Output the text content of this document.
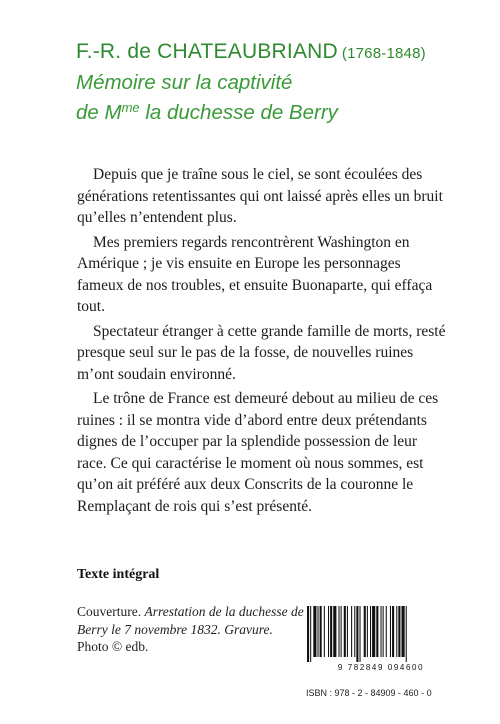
F.-R. de CHATEAUBRIAND (1768-1848)
Mémoire sur la captivité
de $M^{me}$ la duchesse de Berry

Depuis que je traîne sous le ciel, se sont écoulées des générations retentissantes qui ont laissé après elles un bruit qu’elles n’entendent plus.

Mes premiers regards rencontrèrent Washington en Amérique ; je vis ensuite en Europe les personnages fameux de nos troubles, et ensuite Buonaparte, qui effaça tout.

Spectateur étranger à cette grande famille de morts, resté presque seul sur le pas de la fosse, de nouvelles ruines m’ont soudain environné.

Le trône de France est demeuré debout au milieu de ces ruines : il se montra vide d’abord entre deux prétendants dignes de l’occuper par la splendide possession de leur race. Ce qui caractérise le moment où nous sommes, est qu’on ait préféré aux deux Conscrits de la couronne le Remplaçant de rois qui s’est présenté.

Texte intégral
Couverture. Arrestation de la duchesse de Berry le 7 novembre 1832. Gravure.
Photo © edb.
9 782849 094600
ISBN : 978 - 2 - 84909 - 460 - 0
